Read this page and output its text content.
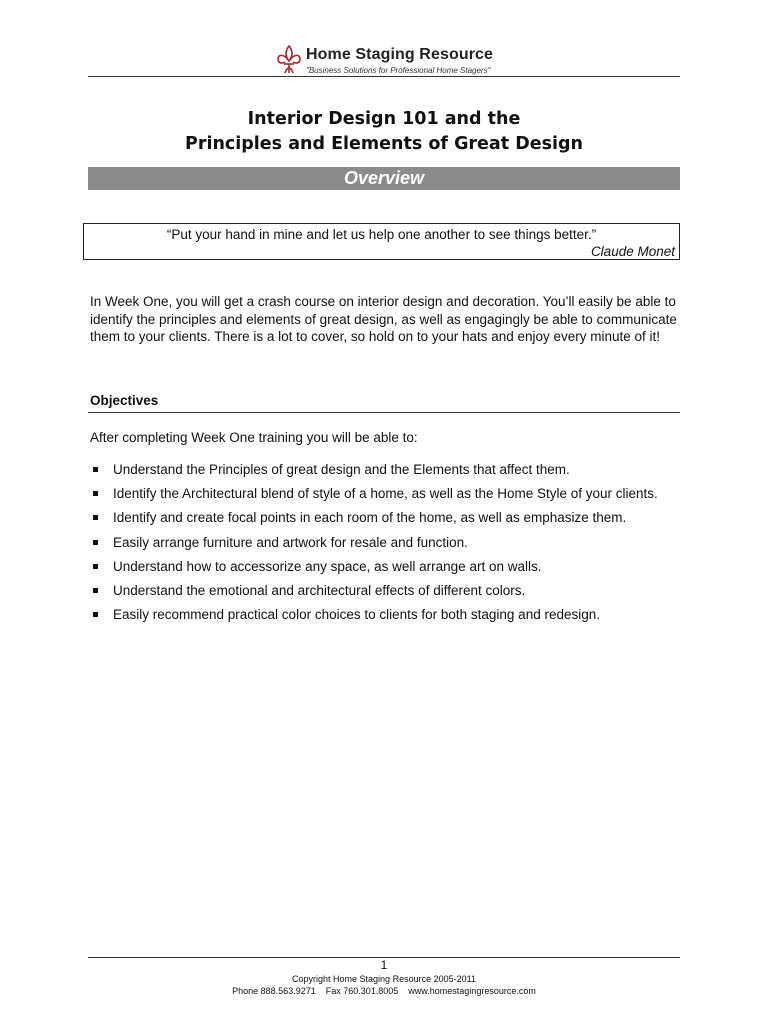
Home Staging Resource
"Business Solutions for Professional Home Stagers"
Interior Design 101 and the
Principles and Elements of Great Design
Overview
“Put your hand in mine and let us help one another to see things better.”
Claude Monet
In Week One, you will get a crash course on interior design and decoration. You’ll easily be able to identify the principles and elements of great design, as well as engagingly be able to communicate them to your clients. There is a lot to cover, so hold on to your hats and enjoy every minute of it!
Objectives
After completing Week One training you will be able to:
Understand the Principles of great design and the Elements that affect them.
Identify the Architectural blend of style of a home, as well as the Home Style of your clients.
Identify and create focal points in each room of the home, as well as emphasize them.
Easily arrange furniture and artwork for resale and function.
Understand how to accessorize any space, as well arrange art on walls.
Understand the emotional and architectural effects of different colors.
Easily recommend practical color choices to clients for both staging and redesign.
1
Copyright Home Staging Resource 2005-2011
Phone 888.563.9271    Fax 760.301.8005    www.homestagingresource.com
